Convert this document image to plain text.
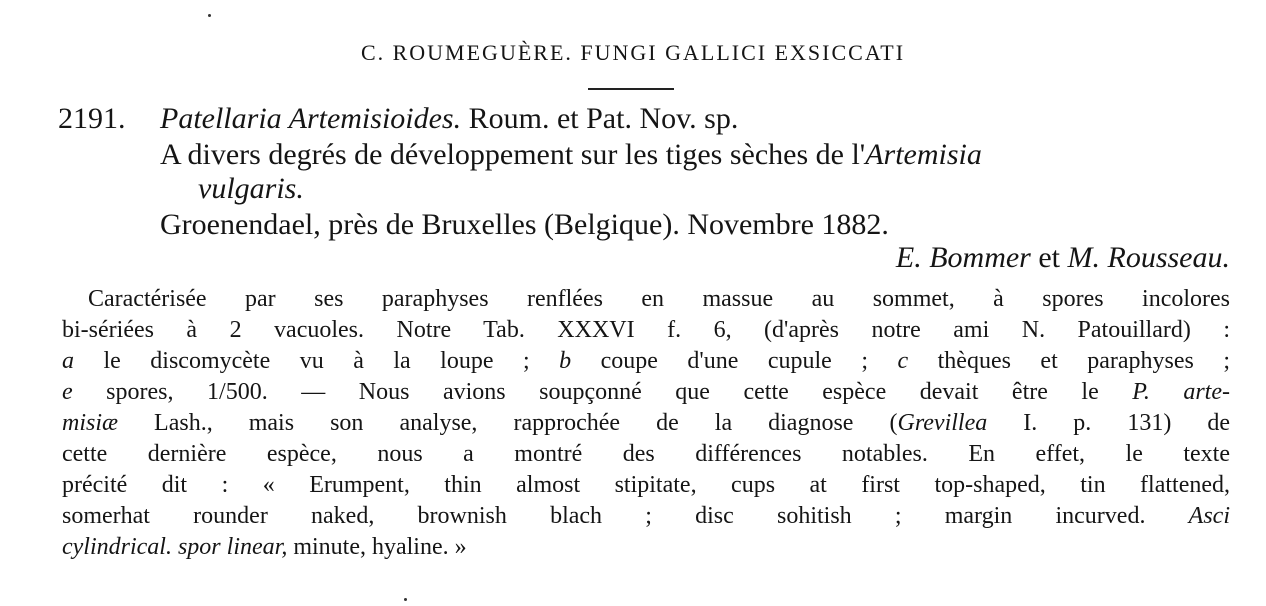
C. ROUMEGUÈRE. FUNGI GALLICI EXSICCATI
2191. Patellaria Artemisioides. Roum. et Pat. Nov. sp.
A divers degrés de développement sur les tiges sèches de l'Artemisia
vulgaris.
Groenendael, près de Bruxelles (Belgique). Novembre 1882.
E. Bommer et M. Rousseau.
Caractérisée par ses paraphyses renflées en massue au sommet, à spores incolores
bi-sériées à 2 vacuoles. Notre Tab. XXXVI f. 6, (d'après notre ami N. Patouillard) :
a le discomycète vu à la loupe ; b coupe d'une cupule ; c thèques et paraphyses ;
e spores, 1/500. — Nous avions soupçonné que cette espèce devait être le P. arte-
misiæ Lash., mais son analyse, rapprochée de la diagnose (Grevillea I. p. 131) de
cette dernière espèce, nous a montré des différences notables. En effet, le texte
précité dit : « Erumpent, thin almost stipitate, cups at first top-shaped, tin flattened,
somerhat rounder naked, brownish blach ; disc sohitish ; margin incurved. Asci
cylindrical. spor linear, minute, hyaline. »
